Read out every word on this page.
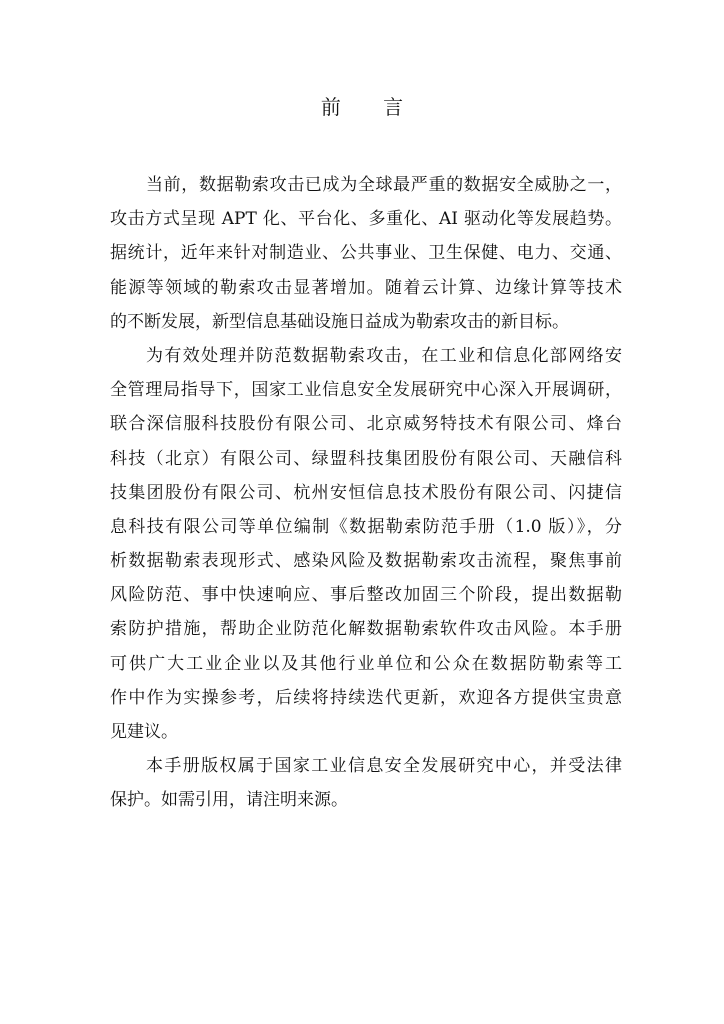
前 言
当前，数据勒索攻击已成为全球最严重的数据安全威胁之一，
攻击方式呈现 APT 化、平台化、多重化、AI 驱动化等发展趋势。
据统计，近年来针对制造业、公共事业、卫生保健、电力、交通、
能源等领域的勒索攻击显著增加。随着云计算、边缘计算等技术
的不断发展，新型信息基础设施日益成为勒索攻击的新目标。
为有效处理并防范数据勒索攻击，在工业和信息化部网络安
全管理局指导下，国家工业信息安全发展研究中心深入开展调研，
联合深信服科技股份有限公司、北京威努特技术有限公司、烽台
科技（北京）有限公司、绿盟科技集团股份有限公司、天融信科
技集团股份有限公司、杭州安恒信息技术股份有限公司、闪捷信
息科技有限公司等单位编制《数据勒索防范手册（1.0 版）》，分
析数据勒索表现形式、感染风险及数据勒索攻击流程，聚焦事前
风险防范、事中快速响应、事后整改加固三个阶段，提出数据勒
索防护措施，帮助企业防范化解数据勒索软件攻击风险。本手册
可供广大工业企业以及其他行业单位和公众在数据防勒索等工
作中作为实操参考，后续将持续迭代更新，欢迎各方提供宝贵意
见建议。
本手册版权属于国家工业信息安全发展研究中心，并受法律
保护。如需引用，请注明来源。
